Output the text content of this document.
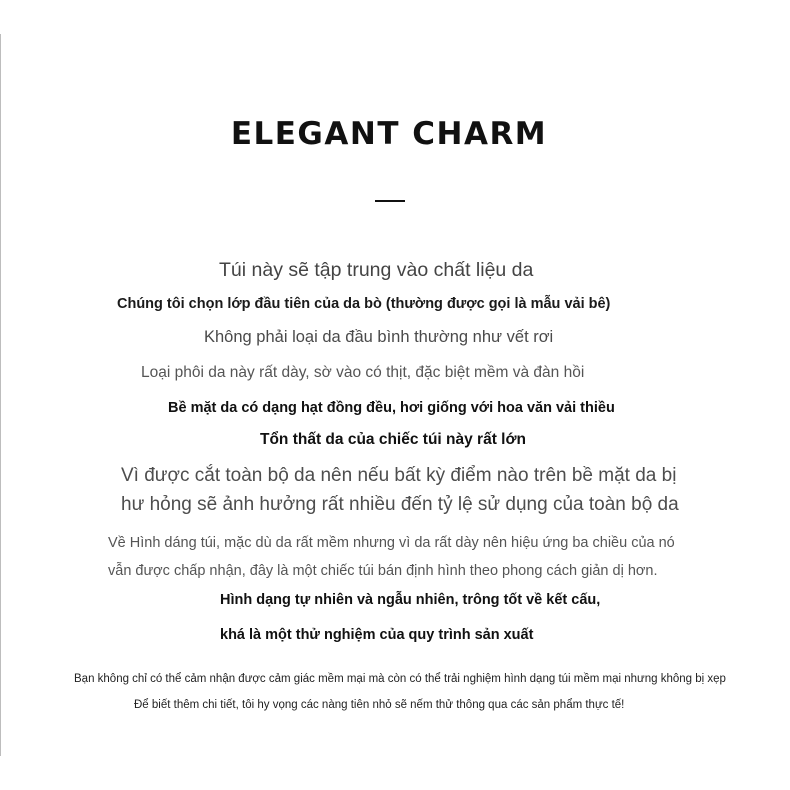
ELEGANT CHARM
Túi này sẽ tập trung vào chất liệu da
Chúng tôi chọn lớp đầu tiên của da bò (thường được gọi là mẫu vải bê)
Không phải loại da đầu bình thường như vết rơi
Loại phôi da này rất dày, sờ vào có thịt, đặc biệt mềm và đàn hồi
Bề mặt da có dạng hạt đồng đều, hơi giống với hoa văn vải thiều
Tổn thất da của chiếc túi này rất lớn
Vì được cắt toàn bộ da nên nếu bất kỳ điểm nào trên bề mặt da bị
hư hỏng sẽ ảnh hưởng rất nhiều đến tỷ lệ sử dụng của toàn bộ da
Về Hình dáng túi, mặc dù da rất mềm nhưng vì da rất dày nên hiệu ứng ba chiều của nó
vẫn được chấp nhận, đây là một chiếc túi bán định hình theo phong cách giản dị hơn.
Hình dạng tự nhiên và ngẫu nhiên, trông tốt về kết cấu,
khá là một thử nghiệm của quy trình sản xuất
Bạn không chỉ có thể cảm nhận được cảm giác mềm mại mà còn có thể trải nghiệm hình dạng túi mềm mại nhưng không bị xẹp
Để biết thêm chi tiết, tôi hy vọng các nàng tiên nhỏ sẽ nếm thử thông qua các sản phẩm thực tế!
